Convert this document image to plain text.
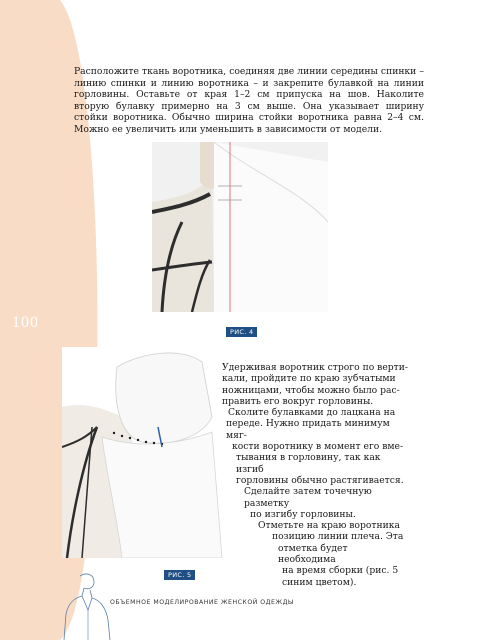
100

Расположите ткань воротника, соединяя две линии середины спинки – линию спинки и линию воротника – и закрепите булавкой на линии горловины. Оставьте от края 1–2 см припуска на шов. Наколите вторую булавку примерно на 3 см выше. Она указывает ширину стойки воротника. Обычно ширина стойки воротника равна 2–4 см. Можно ее увеличить или уменьшить в зависимости от модели.

РИС. 4
РИС. 5

Удерживая воротник строго по верти-
кали, пройдите по краю зубчатыми
ножницами, чтобы можно было рас-
править его вокруг горловины.
Сколите булавками до лацкана на
переде. Нужно придать минимум мяг-
кости воротнику в момент его вме-
тывания в горловину, так как изгиб
горловины обычно растягивается.
Сделайте затем точечную разметку
по изгибу горловины.
Отметьте на краю воротника
позицию линии плеча. Эта
отметка будет необходима
на время сборки (рис. 5
синим цветом).

ОБЪЕМНОЕ МОДЕЛИРОВАНИЕ ЖЕНСКОЙ ОДЕЖДЫ
